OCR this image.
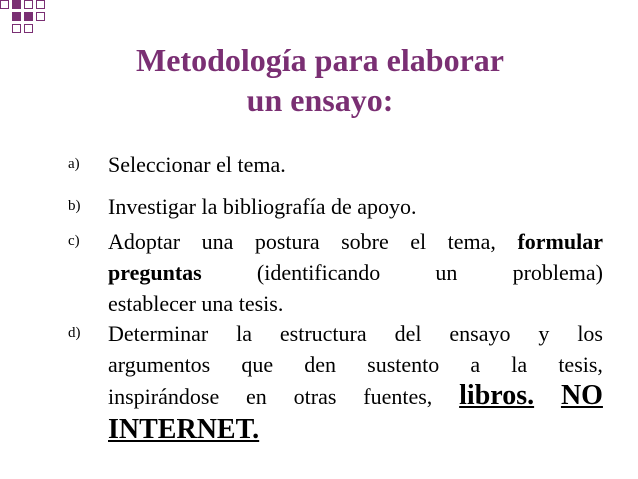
Metodología para elaborar
un ensayo:
a) Seleccionar el tema.
b) Investigar la bibliografía de apoyo.
c) Adoptar una postura sobre el tema, formular
preguntas	(identificando	un	problema)
establecer una tesis.
d) Determinar la estructura del ensayo y los
argumentos que den sustento a la tesis,
inspirándose en otras fuentes, libros. NO
INTERNET.
